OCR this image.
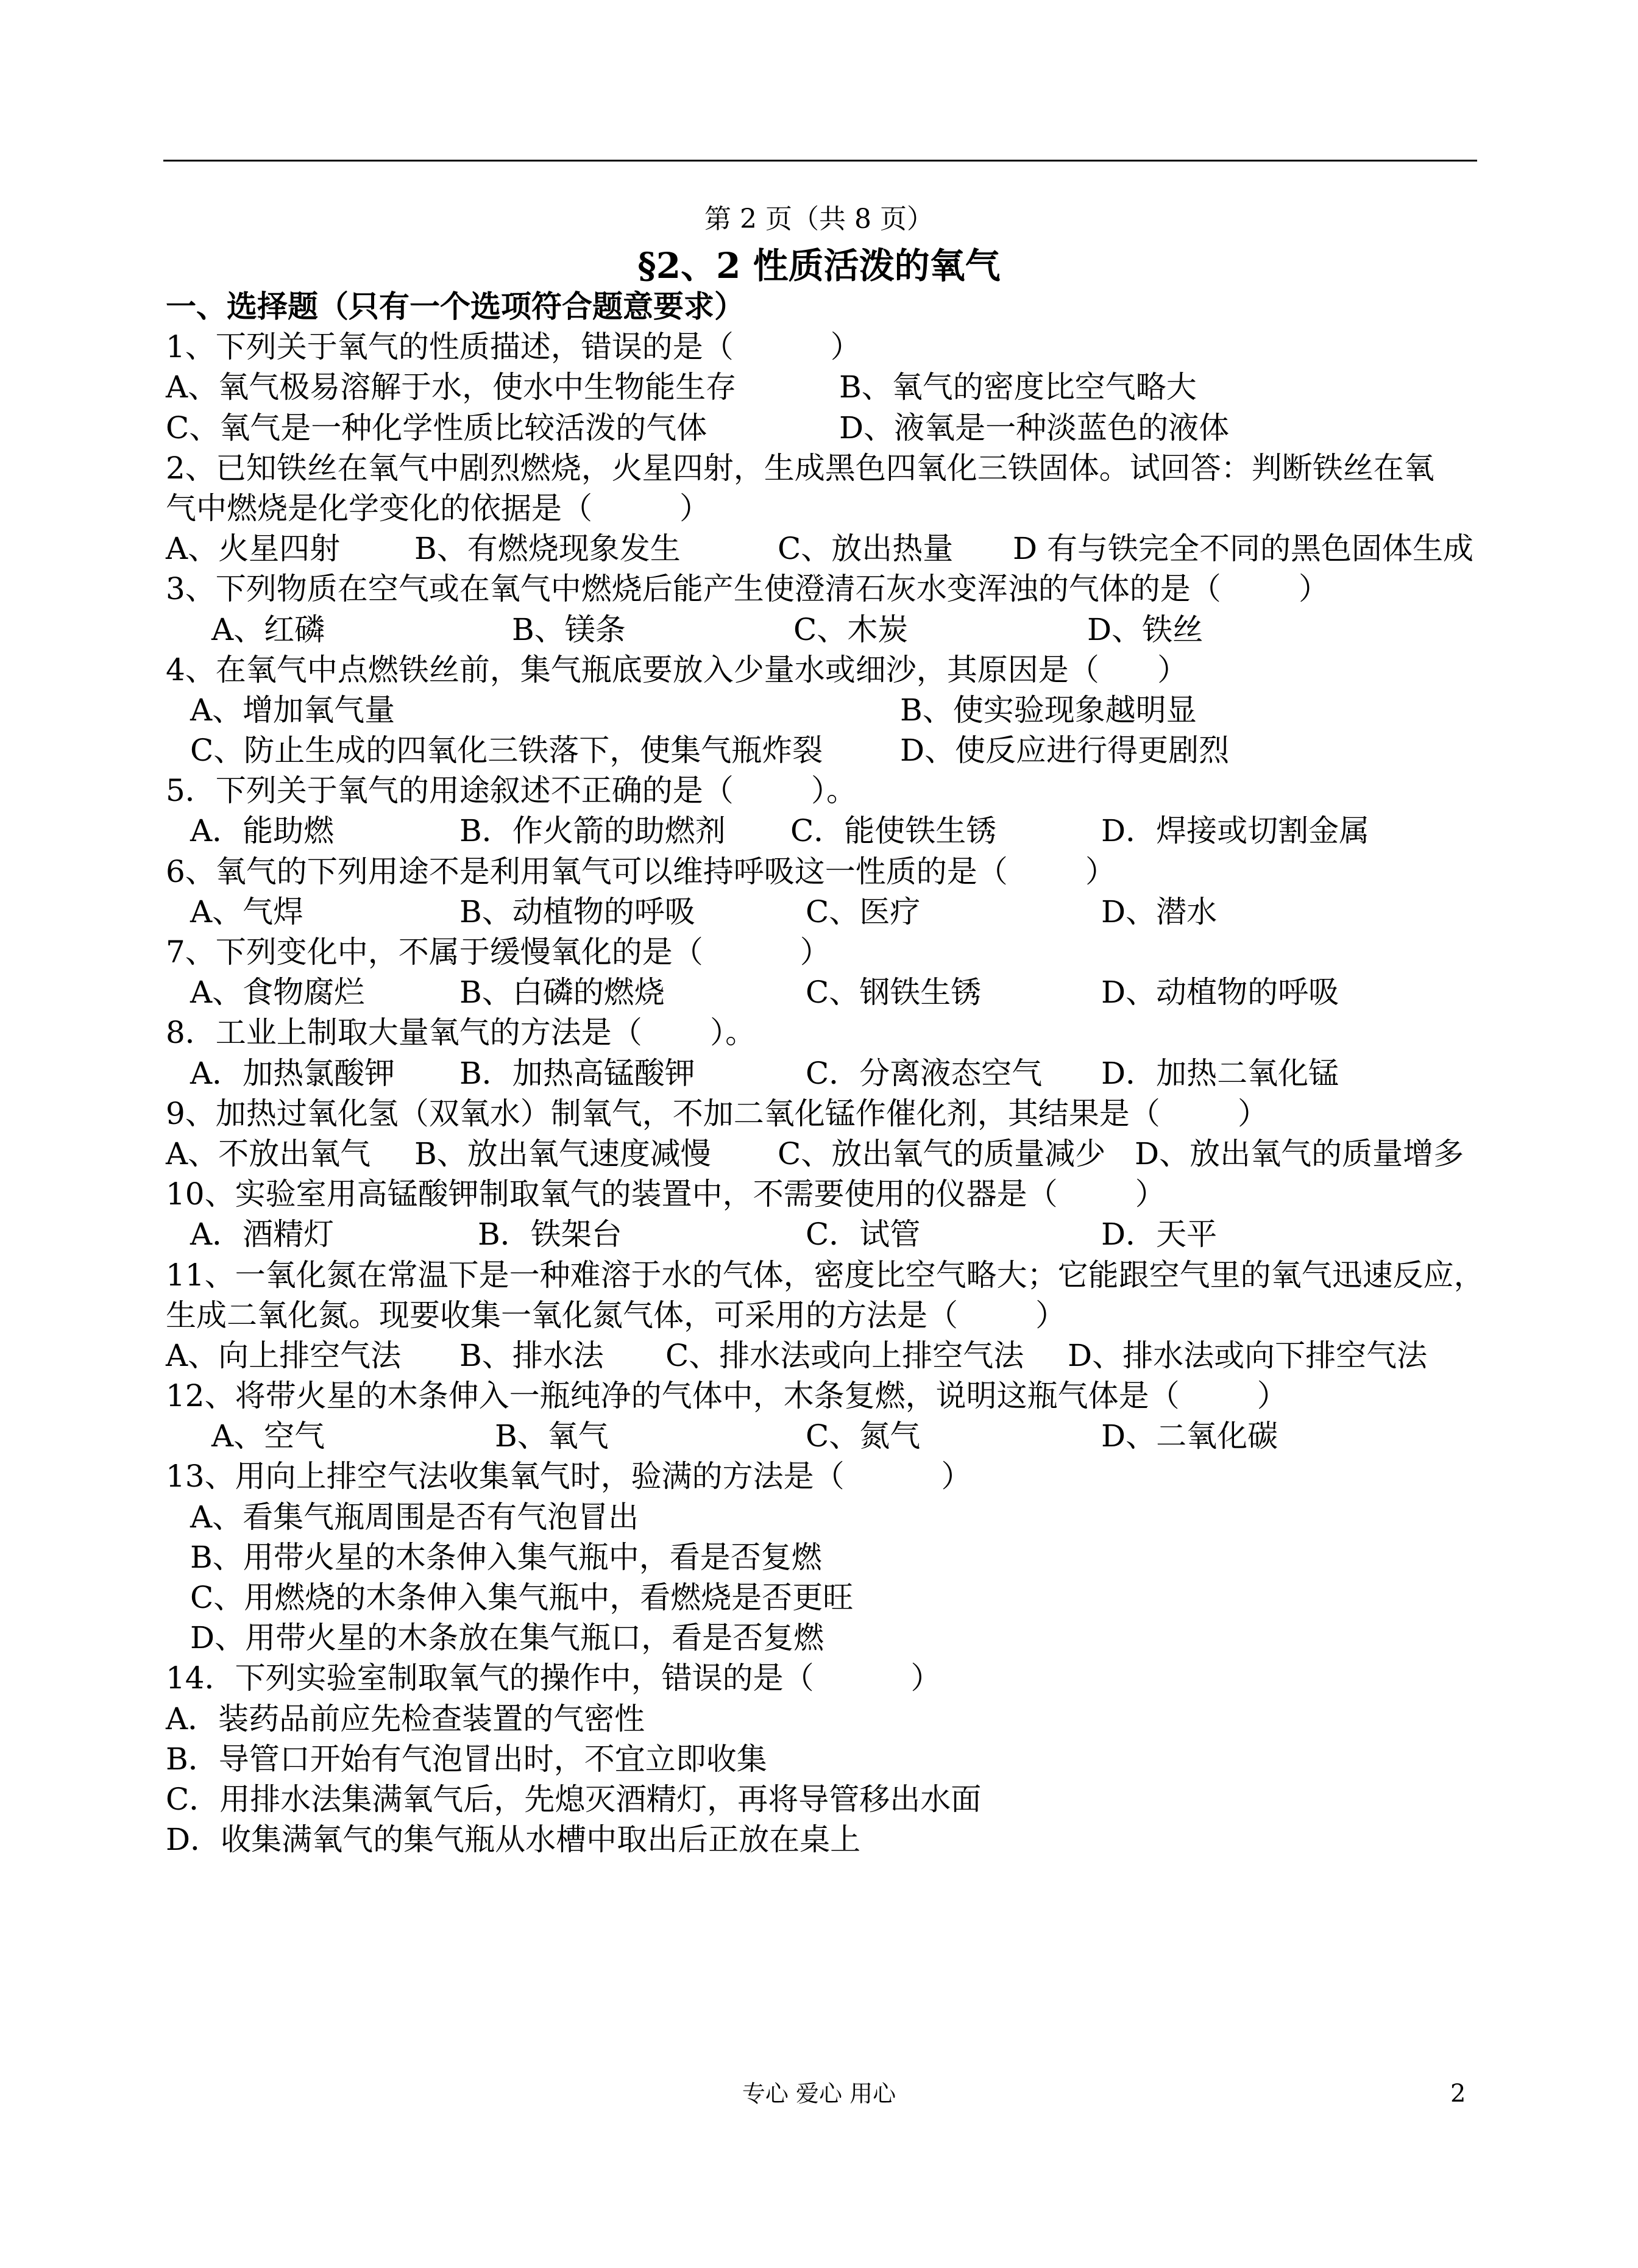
第 2 页（共 8 页）
§2、2 性质活泼的氧气
一、选择题（只有一个选项符合题意要求）
1、下列关于氧气的性质描述，错误的是（          ）
A、氧气极易溶解于水，使水中生物能生存	B、氧气的密度比空气略大
C、氧气是一种化学性质比较活泼的气体	D、液氧是一种淡蓝色的液体
2、已知铁丝在氧气中剧烈燃烧，火星四射，生成黑色四氧化三铁固体。试回答：判断铁丝在氧
气中燃烧是化学变化的依据是（         ）
A、火星四射 B、有燃烧现象发生	C、放出热量 D 有与铁完全不同的黑色固体生成
3、下列物质在空气或在氧气中燃烧后能产生使澄清石灰水变浑浊的气体的是（        ）
A、红磷	B、镁条	C、木炭	D、铁丝
4、在氧气中点燃铁丝前，集气瓶底要放入少量水或细沙，其原因是（      ）
A、增加氧气量	B、使实验现象越明显
C、防止生成的四氧化三铁落下，使集气瓶炸裂	D、使反应进行得更剧烈
5．下列关于氧气的用途叙述不正确的是（        ）。
A．能助燃	B．作火箭的助燃剂 C．能使铁生锈	D．焊接或切割金属
6、氧气的下列用途不是利用氧气可以维持呼吸这一性质的是（        ）
A、气焊	B、动植物的呼吸	C、医疗	D、潜水
7、下列变化中，不属于缓慢氧化的是（          ）
A、食物腐烂	B、白磷的燃烧	C、钢铁生锈	D、动植物的呼吸
8．工业上制取大量氧气的方法是（       ）。
A．加热氯酸钾 B．加热高锰酸钾	C．分离液态空气 D．加热二氧化锰
9、加热过氧化氢（双氧水）制氧气，不加二氧化锰作催化剂，其结果是（        ）
A、不放出氧气 B、放出氧气速度减慢 C、放出氧气的质量减少 D、放出氧气的质量增多
10、实验室用高锰酸钾制取氧气的装置中，不需要使用的仪器是（        ）
A．酒精灯	B．铁架台	C．试管	D．天平
11、一氧化氮在常温下是一种难溶于水的气体，密度比空气略大；它能跟空气里的氧气迅速反应，
生成二氧化氮。现要收集一氧化氮气体，可采用的方法是（        ）
A、向上排空气法 B、排水法 C、排水法或向上排空气法 D、排水法或向下排空气法
12、将带火星的木条伸入一瓶纯净的气体中，木条复燃，说明这瓶气体是（        ）
A、空气	B、氧气	C、氮气	D、二氧化碳
13、用向上排空气法收集氧气时，验满的方法是（          ）
A、看集气瓶周围是否有气泡冒出
B、用带火星的木条伸入集气瓶中，看是否复燃
C、用燃烧的木条伸入集气瓶中，看燃烧是否更旺
D、用带火星的木条放在集气瓶口，看是否复燃
14．下列实验室制取氧气的操作中，错误的是（          ）
A．装药品前应先检查装置的气密性
B．导管口开始有气泡冒出时，不宜立即收集
C．用排水法集满氧气后，先熄灭酒精灯，再将导管移出水面
D．收集满氧气的集气瓶从水槽中取出后正放在桌上
专心 爱心 用心	2
